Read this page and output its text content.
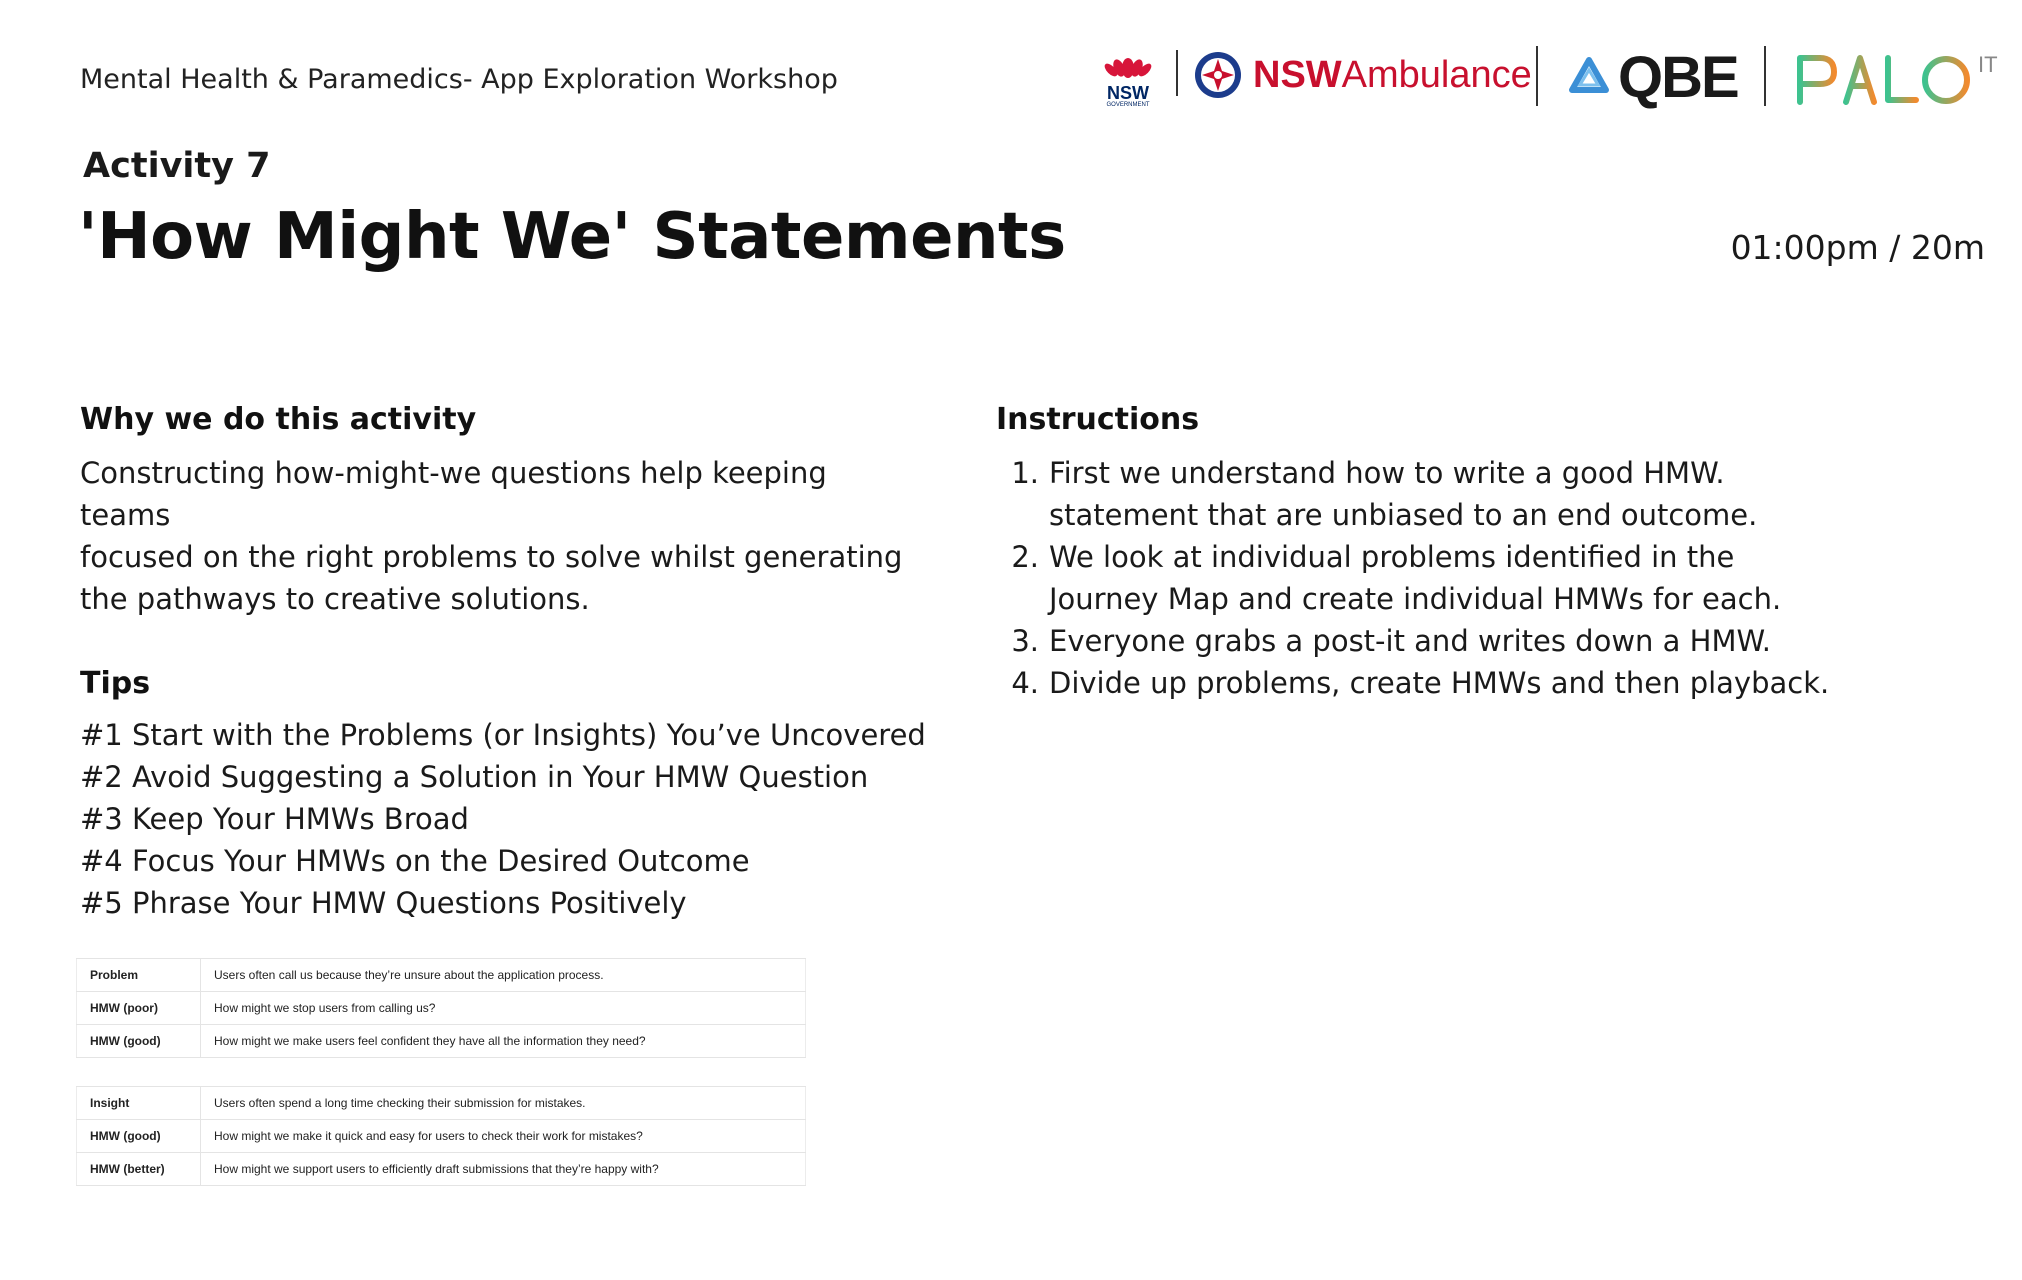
Mental Health & Paramedics- App Exploration Workshop	NSW
GOVERNMENT
NSWAmbulance QBE	IT
Activity 7
'How Might We' Statements	01:00pm / 20m
Why we do this activity
Constructing how-might-we questions help keeping teams
focused on the right problems to solve whilst generating
the pathways to creative solutions.
Tips
#1 Start with the Problems (or Insights) You’ve Uncovered
#2 Avoid Suggesting a Solution in Your HMW Question
#3 Keep Your HMWs Broad
#4 Focus Your HMWs on the Desired Outcome
#5 Phrase Your HMW Questions Positively
Instructions
1. First we understand how to write a good HMW.
statement that are unbiased to an end outcome.
2. We look at individual problems identified in the
Journey Map and create individual HMWs for each.
3. Everyone grabs a post-it and writes down a HMW.
4. Divide up problems, create HMWs and then playback.
Problem	Users often call us because they’re unsure about the application process.
HMW (poor)	How might we stop users from calling us?
HMW (good)	How might we make users feel confident they have all the information they need?
Insight	Users often spend a long time checking their submission for mistakes.
HMW (good)	How might we make it quick and easy for users to check their work for mistakes?
HMW (better)	How might we support users to efficiently draft submissions that they’re happy with?
